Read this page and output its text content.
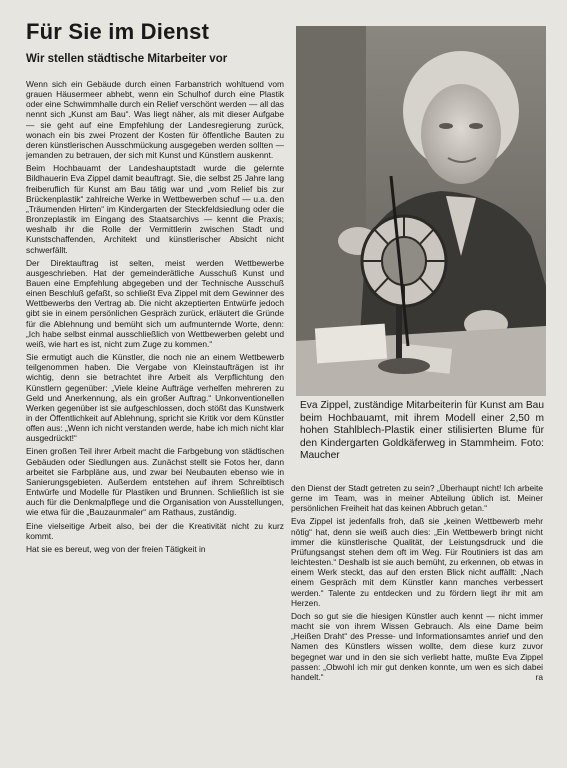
Für Sie im Dienst
Wir stellen städtische Mitarbeiter vor

Wenn sich ein Gebäude durch einen Farbanstrich wohltuend vom grauen Häusermeer abhebt, wenn ein Schulhof durch eine Plastik oder eine Schwimmhalle durch ein Relief verschönt werden — all das nennt sich „Kunst am Bau“. Was liegt näher, als mit dieser Aufgabe — sie geht auf eine Empfehlung der Landesregierung zurück, wonach ein bis zwei Prozent der Kosten für öffentliche Bauten zu deren künstlerischen Ausschmückung ausgegeben werden sollten — jemanden zu betrauen, der sich mit Kunst und Künstlern auskennt.

Beim Hochbauamt der Landeshauptstadt wurde die gelernte Bildhauerin Eva Zippel damit beauftragt. Sie, die selbst 25 Jahre lang freiberuflich für Kunst am Bau tätig war und „vom Relief bis zur Brückenplastik“ zahlreiche Werke in Wettbewerben schuf — u.a. den „Träumenden Hirten“ im Kindergarten der Steckfeldsiedlung oder die Bronzeplastik im Eingang des Staatsarchivs — kennt die Praxis; weshalb ihr die Rolle der Vermittlerin zwischen Stadt und Kunstschaffenden, Architekt und künstlerischer Absicht nicht schwerfällt.

Der Direktauftrag ist selten, meist werden Wettbewerbe ausgeschrieben. Hat der gemeinderätliche Ausschuß Kunst und Bauen eine Empfehlung abgegeben und der Technische Ausschuß einen Beschluß gefaßt, so schließt Eva Zippel mit dem Gewinner des Wettbewerbs den Vertrag ab. Die nicht akzeptierten Entwürfe jedoch gibt sie in einem persönlichen Gespräch zurück, erläutert die Gründe für die Ablehnung und bemüht sich um aufmunternde Worte, denn: „Ich habe selbst einmal ausschließlich von Wettbewerben gelebt und weiß, wie hart es ist, nicht zum Zuge zu kommen.“

Sie ermutigt auch die Künstler, die noch nie an einem Wettbewerb teilgenommen haben. Die Vergabe von Kleinstaufträgen ist ihr wichtig, denn sie betrachtet ihre Arbeit als Verpflichtung den Künstlern gegenüber: „Viele kleine Aufträge verhelfen mehreren zu Geld und Anerkennung, als ein großer Auftrag.“ Unkonventionellen Werken gegenüber ist sie aufgeschlossen, doch stößt das Kunstwerk in der Öffentlichkeit auf Ablehnung, spricht sie Kritik vor dem Künstler offen aus: „Wenn ich nicht verstanden werde, habe ich mich nicht klar ausgedrückt!“

Einen großen Teil ihrer Arbeit macht die Farbgebung von städtischen Gebäuden oder Siedlungen aus. Zunächst stellt sie Fotos her, dann arbeitet sie Farbpläne aus, und zwar bei Neubauten ebenso wie in Sanierungsgebieten. Außerdem entstehen auf ihrem Schreibtisch Entwürfe und Modelle für Plastiken und Brunnen. Schließlich ist sie auch für die Denkmalpflege und die Organisation von Ausstellungen, wie etwa für die „Bauzaunmaler“ am Rathaus, zuständig.

Eine vielseitige Arbeit also, bei der die Kreativität nicht zu kurz kommt.

Hat sie es bereut, weg von der freien Tätigkeit in

Eva Zippel, zuständige Mitarbeiterin für Kunst am Bau beim Hochbauamt, mit ihrem Modell einer 2,50 m hohen Stahlblech-Plastik einer stilisierten Blume für den Kindergarten Goldkäferweg in Stammheim. Foto: Maucher

den Dienst der Stadt getreten zu sein? „Überhaupt nicht! Ich arbeite gerne im Team, was in meiner Abteilung üblich ist. Meiner persönlichen Freiheit hat das keinen Abbruch getan.“

Eva Zippel ist jedenfalls froh, daß sie „keinen Wettbewerb mehr nötig“ hat, denn sie weiß auch dies: „Ein Wettbewerb bringt nicht immer die künstlerische Qualität, der Leistungsdruck und die Prüfungsangst stehen dem oft im Weg. Für Routiniers ist das am leichtesten.“ Deshalb ist sie auch bemüht, zu erkennen, ob etwas in einem Werk steckt, das auf den ersten Blick nicht auffällt: „Nach einem Gespräch mit dem Künstler kann manches verbessert werden.“ Talente zu entdecken und zu fördern liegt ihr mit am Herzen.

Doch so gut sie die hiesigen Künstler auch kennt — nicht immer macht sie von ihrem Wissen Gebrauch. Als eine Dame beim „Heißen Draht“ des Presse- und Informationsamtes anrief und den Namen des Künstlers wissen wollte, dem diese kurz zuvor begegnet war und in den sie sich verliebt hatte, mußte Eva Zippel passen: „Obwohl ich mir gut denken konnte, um wen es sich dabei handelt.“	ra
